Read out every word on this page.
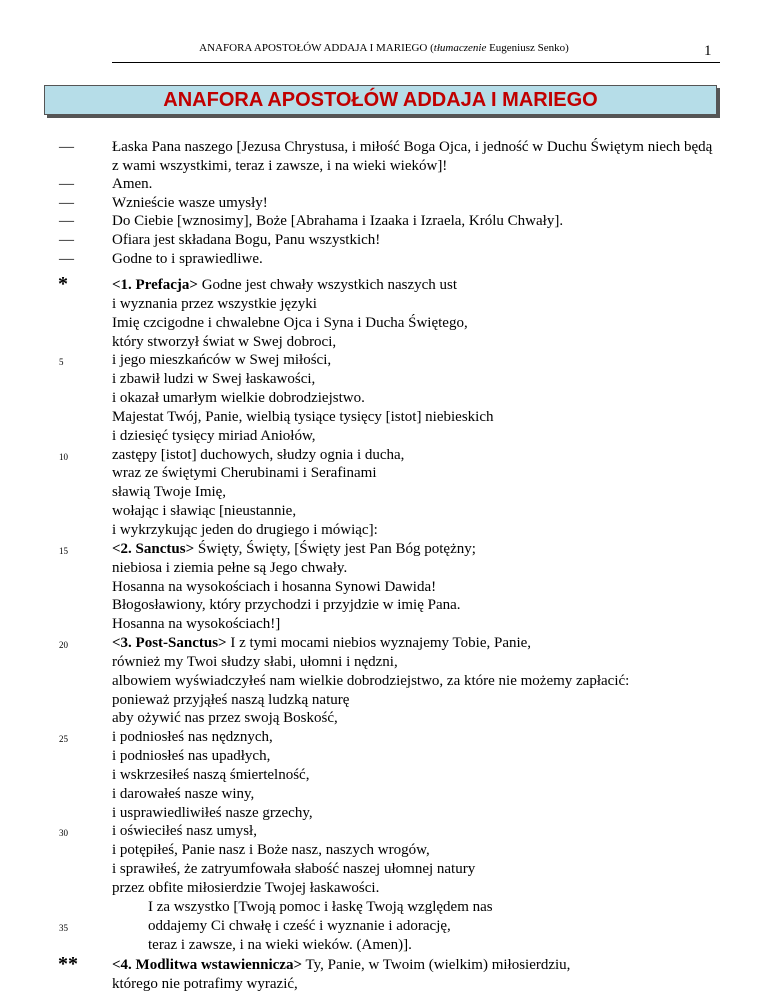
ANAFORA APOSTOŁÓW ADDAJA I MARIEGO (tłumaczenie Eugeniusz Senko)	1
ANAFORA APOSTOŁÓW ADDAJA I MARIEGO
—	Łaska Pana naszego [Jezusa Chrystusa, i miłość Boga Ojca, i jedność w Duchu Świętym niech będą
z wami wszystkimi, teraz i zawsze, i na wieki wieków]!
—	Amen.
—	Wznieście wasze umysły!
—	Do Ciebie [wznosimy], Boże [Abrahama i Izaaka i Izraela, Królu Chwały].
—	Ofiara jest składana Bogu, Panu wszystkich!
—	Godne to i sprawiedliwe.
*	<1. Prefacja> Godne jest chwały wszystkich naszych ust
i wyznania przez wszystkie języki
Imię czcigodne i chwalebne Ojca i Syna i Ducha Świętego,
który stworzył świat w Swej dobroci,
5	i jego mieszkańców w Swej miłości,
i zbawił ludzi w Swej łaskawości,
i okazał umarłym wielkie dobrodziejstwo.
Majestat Twój, Panie, wielbią tysiące tysięcy [istot] niebieskich
i dziesięć tysięcy miriad Aniołów,
10	zastępy [istot] duchowych, słudzy ognia i ducha,
wraz ze świętymi Cherubinami i Serafinami
sławią Twoje Imię,
wołając i sławiąc [nieustannie,
i wykrzykując jeden do drugiego i mówiąc]:
15	<2. Sanctus> Święty, Święty, [Święty jest Pan Bóg potężny;
niebiosa i ziemia pełne są Jego chwały.
Hosanna na wysokościach i hosanna Synowi Dawida!
Błogosławiony, który przychodzi i przyjdzie w imię Pana.
Hosanna na wysokościach!]
20	<3. Post-Sanctus> I z tymi mocami niebios wyznajemy Tobie, Panie,
również my Twoi słudzy słabi, ułomni i nędzni,
albowiem wyświadczyłeś nam wielkie dobrodziejstwo, za które nie możemy zapłacić:
ponieważ przyjąłeś naszą ludzką naturę
aby ożywić nas przez swoją Boskość,
25	i podniosłeś nas nędznych,
i podniosłeś nas upadłych,
i wskrzesiłeś naszą śmiertelność,
i darowałeś nasze winy,
i usprawiedliwiłeś nasze grzechy,
30	i oświeciłeś nasz umysł,
i potępiłeś, Panie nasz i Boże nasz, naszych wrogów,
i sprawiłeś, że zatryumfowała słabość naszej ułomnej natury
przez obfite miłosierdzie Twojej łaskawości.
I za wszystko [Twoją pomoc i łaskę Twoją względem nas
35	oddajemy Ci chwałę i cześć i wyznanie i adorację,
teraz i zawsze, i na wieki wieków. (Amen)].
** <4. Modlitwa wstawiennicza> Ty, Panie, w Twoim (wielkim) miłosierdziu,
którego nie potrafimy wyrazić,
